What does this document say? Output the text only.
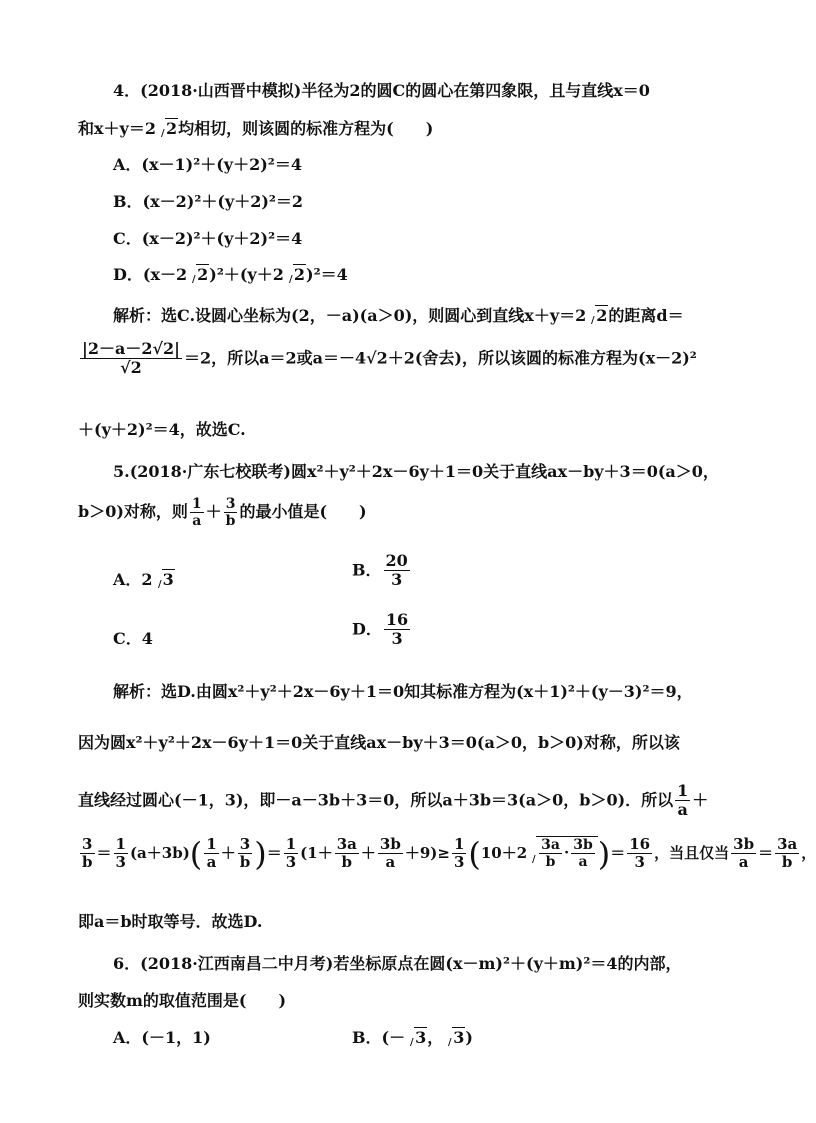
4．(2018·山西晋中模拟)半径为2的圆C的圆心在第四象限，且与直线x＝0
和x＋y＝2 2均相切，则该圆的标准方程为(　　)
A．(x－1)²＋(y＋2)²＝4
B．(x－2)²＋(y＋2)²＝2
C．(x－2)²＋(y＋2)²＝4
D．(x－2 2)²＋(y＋2 2)²＝4
解析：选C.设圆心坐标为(2，－a)(a＞0)，则圆心到直线x＋y＝2 2的距离d＝
$\frac{|2-a-2√2|}{√2} =2$，所以a＝2或a＝－4√2＋2(舍去)，所以该圆的标准方程为(x－2)²
＋(y＋2)²＝4，故选C.
5.(2018·广东七校联考)圆x²＋y²＋2x－6y＋1＝0关于直线ax－by＋3＝0(a＞0，
b＞0)对称，则 $\frac{1}{a} + \frac{3}{b}$ 的最小值是(　　)
A．2 3
B． $\frac{20}{3}$
C．4
D． $\frac{16}{3}$
解析：选D.由圆x²＋y²＋2x－6y＋1＝0知其标准方程为(x＋1)²＋(y－3)²＝9，
因为圆x²＋y²＋2x－6y＋1＝0关于直线ax－by＋3＝0(a＞0，b＞0)对称，所以该
直线经过圆心(－1，3)，即－a－3b＋3＝0，所以a＋3b＝3(a＞0，b＞0)．所以 $\frac{1}{a}$ ＋
$\frac{3}{b} = \frac{1}{3} (a+3b)( \frac{1}{a} + \frac{3}{b}$ )＝ $\frac{1}{3} (1+ \frac{3a}{b} + \frac{3b}{a} +9)\ge \frac{1}{3} (10+2 \frac{3a}{b} \cdot \frac{3b}{a}$ )＝ $\frac{16}{3}$ ，当且仅当 $\frac{3b}{a} = \frac{3a}{b}$ ，
即a＝b时取等号．故选D.
6．(2018·江西南昌二中月考)若坐标原点在圆(x－m)²＋(y＋m)²＝4的内部，
则实数m的取值范围是(　　)
A．(－1，1)	B．(－ 3， 3)
